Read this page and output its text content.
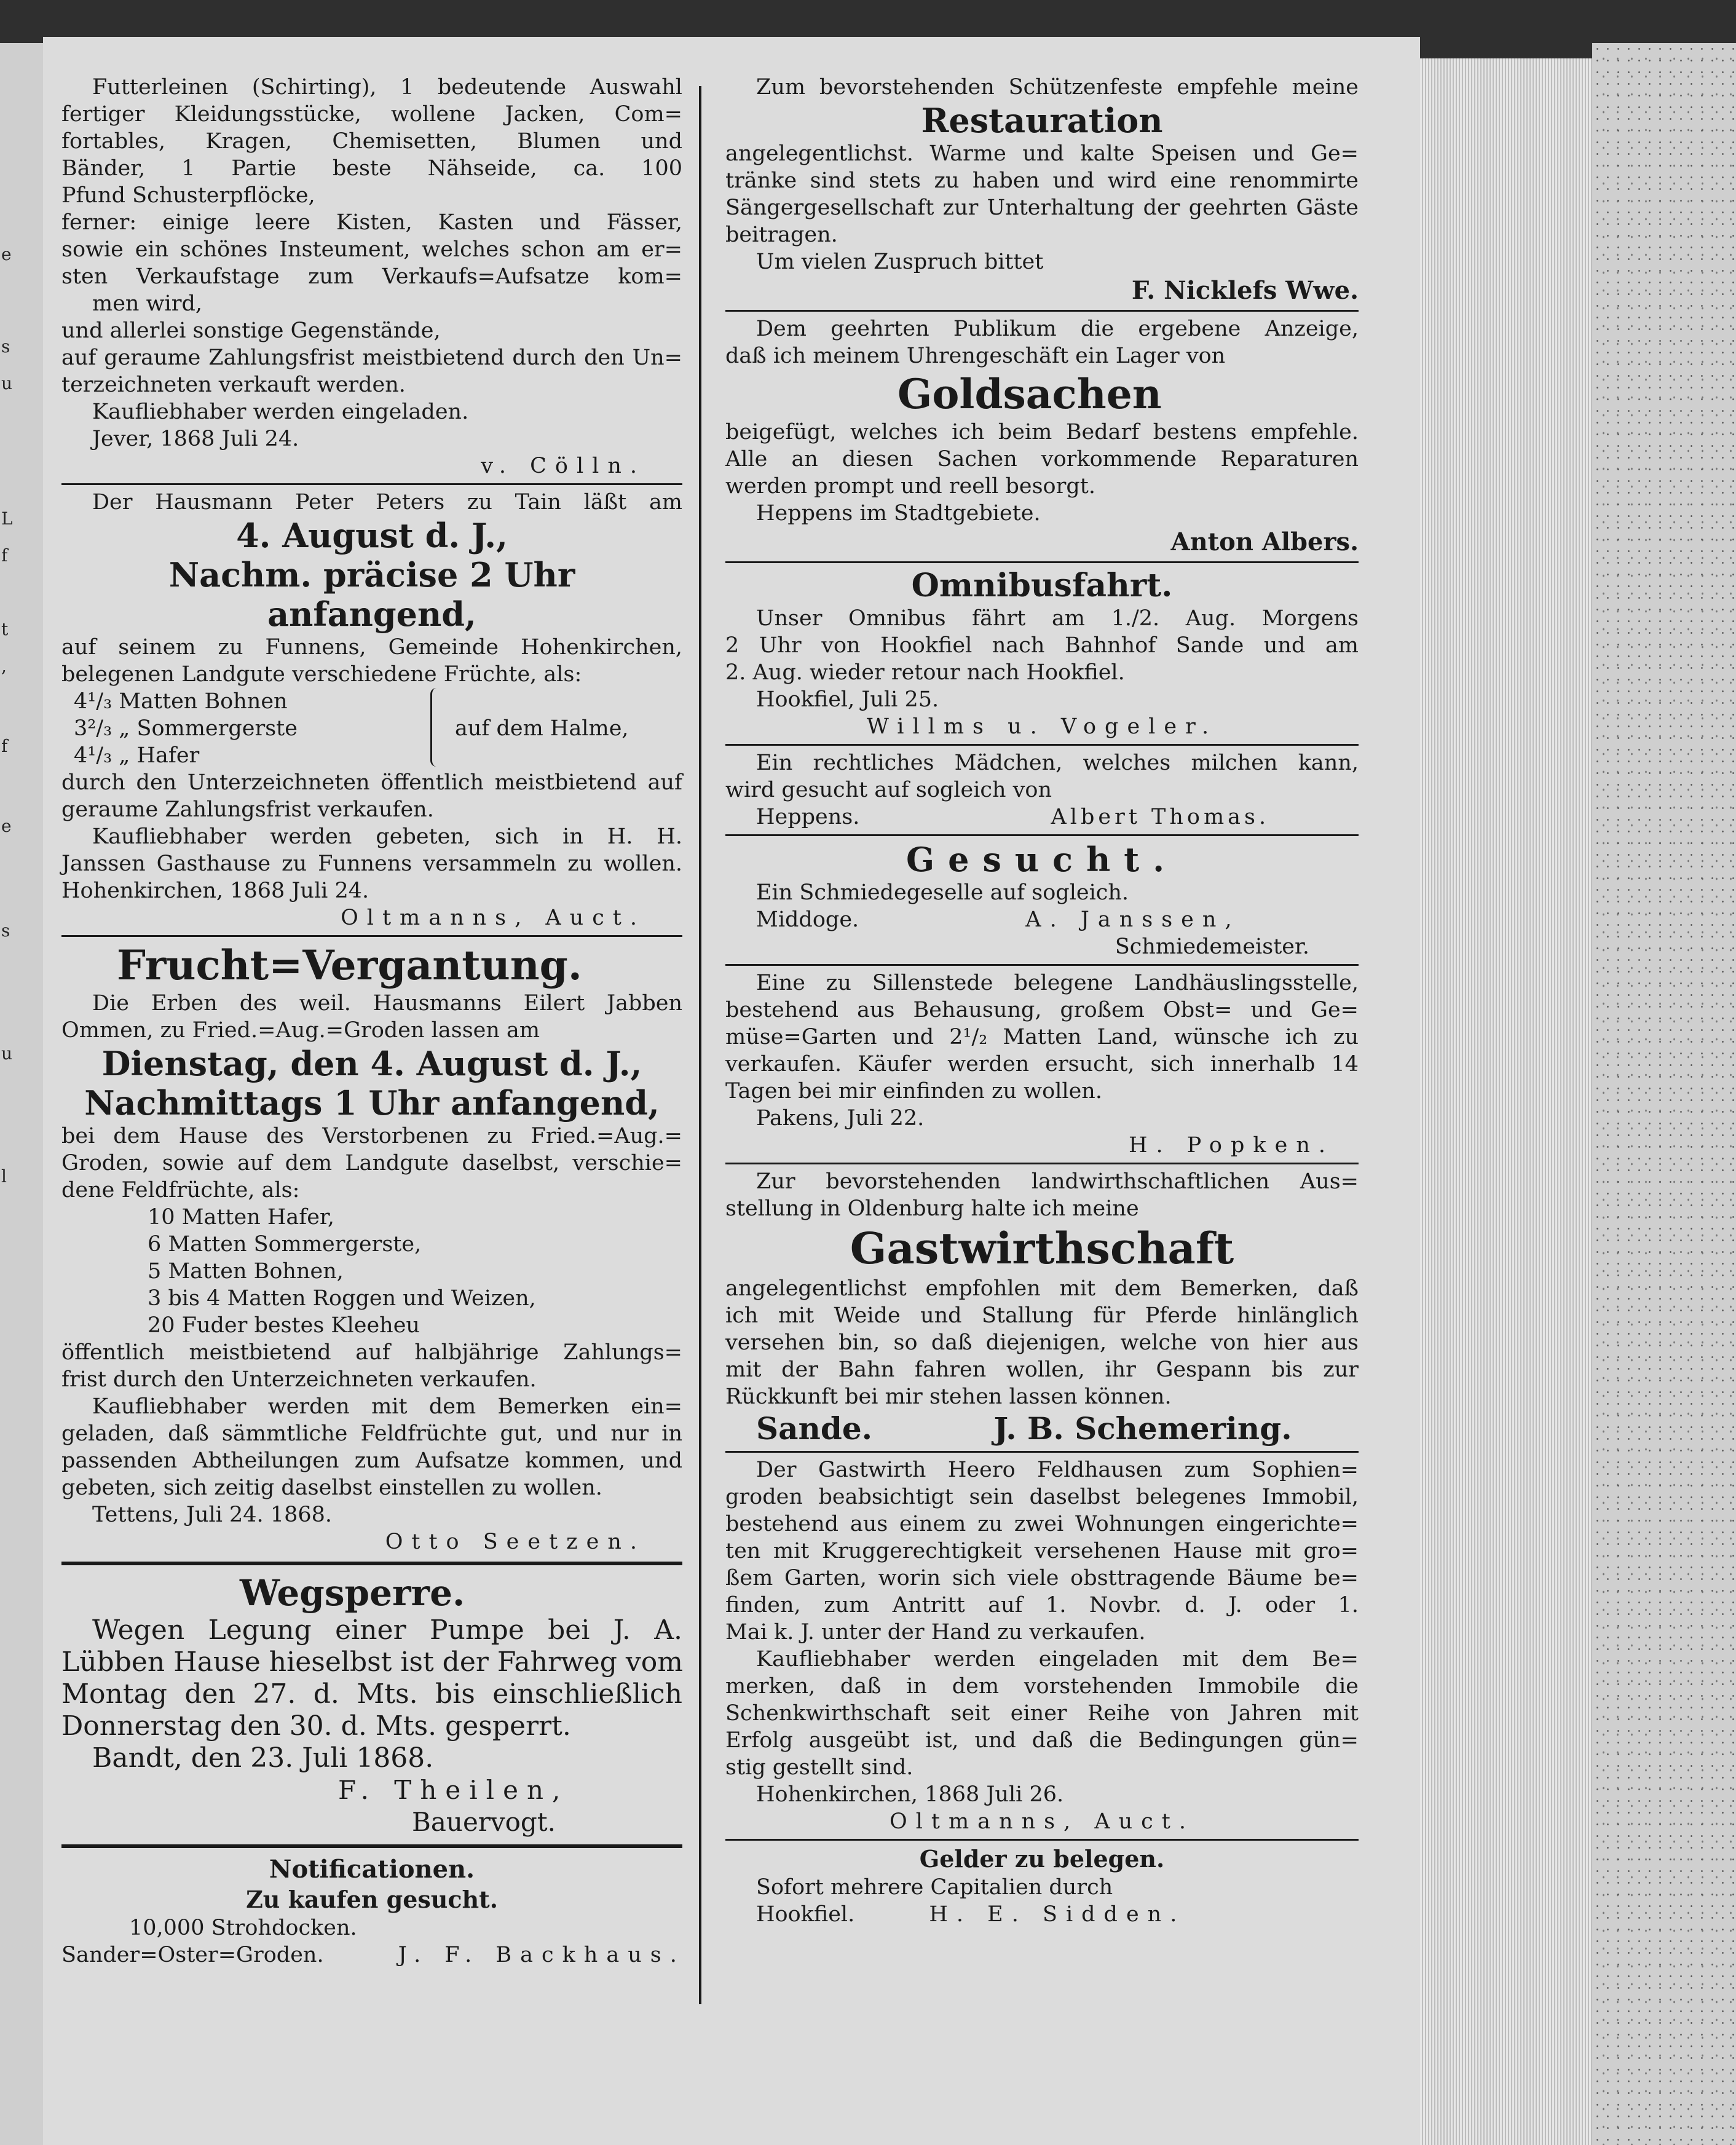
e
s
u
L
f
t
,
f
e
s
u
l

Futterleinen (Schirting), 1 bedeutende Auswahl

fertiger Kleidungsstücke, wollene Jacken, Com=

fortables, Kragen, Chemisetten, Blumen und

Bänder, 1 Partie beste Nähseide, ca. 100

Pfund Schusterpflöcke,

ferner: einige leere Kisten, Kasten und Fässer,

sowie ein schönes Insteument, welches schon am er=

sten Verkaufstage zum Verkaufs=Aufsatze kom=

men wird,

und allerlei sonstige Gegenstände,

auf geraume Zahlungsfrist meistbietend durch den Un=

terzeichneten verkauft werden.

Kaufliebhaber werden eingeladen.

Jever, 1868 Juli 24.

v. Cölln.

Der Hausmann Peter Peters zu Tain läßt am

4. August d. J.,

Nachm. präcise 2 Uhr anfangend,

auf seinem zu Funnens, Gemeinde Hohenkirchen,

belegenen Landgute verschiedene Früchte, als:

4¹/₃ Matten Bohnen

3²/₃ „ Sommergerste

4¹/₃ „ Hafer

auf dem Halme,

durch den Unterzeichneten öffentlich meistbietend auf

geraume Zahlungsfrist verkaufen.

Kaufliebhaber werden gebeten, sich in H. H.

Janssen Gasthause zu Funnens versammeln zu wollen.

Hohenkirchen, 1868 Juli 24.

Oltmanns, Auct.

Frucht=Vergantung.

Die Erben des weil. Hausmanns Eilert Jabben

Ommen, zu Fried.=Aug.=Groden lassen am

Dienstag, den 4. August d. J.,

Nachmittags 1 Uhr anfangend,

bei dem Hause des Verstorbenen zu Fried.=Aug.=

Groden, sowie auf dem Landgute daselbst, verschie=

dene Feldfrüchte, als:

10 Matten Hafer,

6 Matten Sommergerste,

5 Matten Bohnen,

3 bis 4 Matten Roggen und Weizen,

20 Fuder bestes Kleeheu

öffentlich meistbietend auf halbjährige Zahlungs=

frist durch den Unterzeichneten verkaufen.

Kaufliebhaber werden mit dem Bemerken ein=

geladen, daß sämmtliche Feldfrüchte gut, und nur in

passenden Abtheilungen zum Aufsatze kommen, und

gebeten, sich zeitig daselbst einstellen zu wollen.

Tettens, Juli 24. 1868.

Otto Seetzen.

Wegsperre.

Wegen Legung einer Pumpe bei J. A.

Lübben Hause hieselbst ist der Fahrweg vom

Montag den 27. d. Mts. bis einschließlich

Donnerstag den 30. d. Mts. gesperrt.

Bandt, den 23. Juli 1868.

F. Theilen,

Bauervogt.

Notificationen.

Zu kaufen gesucht.

10,000 Strohdocken.

Sander=Oster=Groden.	J. F. Backhaus.

Zum bevorstehenden Schützenfeste empfehle meine

Restauration

angelegentlichst. Warme und kalte Speisen und Ge=

tränke sind stets zu haben und wird eine renommirte

Sängergesellschaft zur Unterhaltung der geehrten Gäste

beitragen.

Um vielen Zuspruch bittet

F. Nicklefs Wwe.

Dem geehrten Publikum die ergebene Anzeige,

daß ich meinem Uhrengeschäft ein Lager von

Goldsachen

beigefügt, welches ich beim Bedarf bestens empfehle.

Alle an diesen Sachen vorkommende Reparaturen

werden prompt und reell besorgt.

Heppens im Stadtgebiete.

Anton Albers.

Omnibusfahrt.

Unser Omnibus fährt am 1./2. Aug. Morgens

2 Uhr von Hookfiel nach Bahnhof Sande und am

2. Aug. wieder retour nach Hookfiel.

Hookfiel, Juli 25.

Willms u. Vogeler.

Ein rechtliches Mädchen, welches milchen kann,

wird gesucht auf sogleich von

Heppens.	Albert Thomas.

Gesucht.

Ein Schmiedegeselle auf sogleich.

Middoge.	A. Janssen,

Schmiedemeister.

Eine zu Sillenstede belegene Landhäuslingsstelle,

bestehend aus Behausung, großem Obst= und Ge=

müse=Garten und 2¹/₂ Matten Land, wünsche ich zu

verkaufen. Käufer werden ersucht, sich innerhalb 14

Tagen bei mir einfinden zu wollen.

Pakens, Juli 22.

H. Popken.

Zur bevorstehenden landwirthschaftlichen Aus=

stellung in Oldenburg halte ich meine

Gastwirthschaft

angelegentlichst empfohlen mit dem Bemerken, daß

ich mit Weide und Stallung für Pferde hinlänglich

versehen bin, so daß diejenigen, welche von hier aus

mit der Bahn fahren wollen, ihr Gespann bis zur

Rückkunft bei mir stehen lassen können.

Sande.	J. B. Schemering.

Der Gastwirth Heero Feldhausen zum Sophien=

groden beabsichtigt sein daselbst belegenes Immobil,

bestehend aus einem zu zwei Wohnungen eingerichte=

ten mit Kruggerechtigkeit versehenen Hause mit gro=

ßem Garten, worin sich viele obsttragende Bäume be=

finden, zum Antritt auf 1. Novbr. d. J. oder 1.

Mai k. J. unter der Hand zu verkaufen.

Kaufliebhaber werden eingeladen mit dem Be=

merken, daß in dem vorstehenden Immobile die

Schenkwirthschaft seit einer Reihe von Jahren mit

Erfolg ausgeübt ist, und daß die Bedingungen gün=

stig gestellt sind.

Hohenkirchen, 1868 Juli 26.

Oltmanns, Auct.

Gelder zu belegen.

Sofort mehrere Capitalien durch

Hookfiel.	H. E. Sidden.
